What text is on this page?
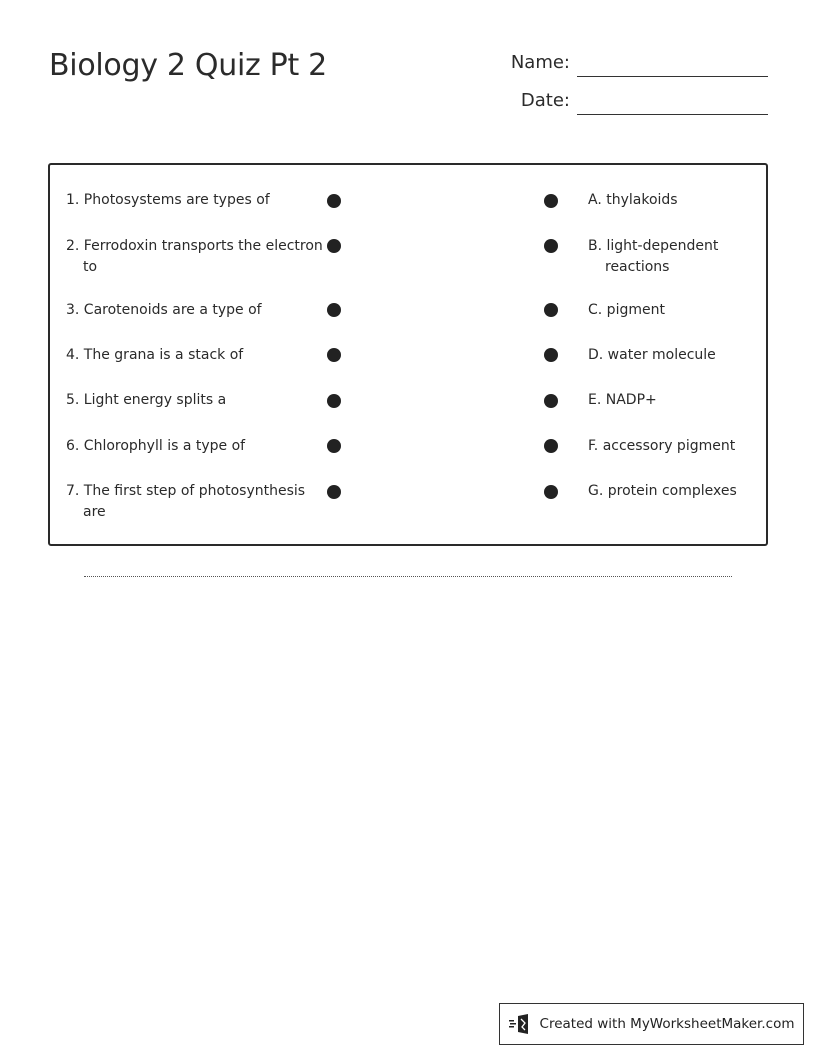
Biology 2 Quiz Pt 2	Name:
Date:
1. Photosystems are types of
2. Ferrodoxin transports the electron to
3. Carotenoids are a type of
4. The grana is a stack of
5. Light energy splits a
6. Chlorophyll is a type of
7. The first step of photosynthesis are
A. thylakoids
B. light-dependent reactions
C. pigment
D. water molecule
E. NADP+
F. accessory pigment
G. protein complexes
Created with MyWorksheetMaker.com
